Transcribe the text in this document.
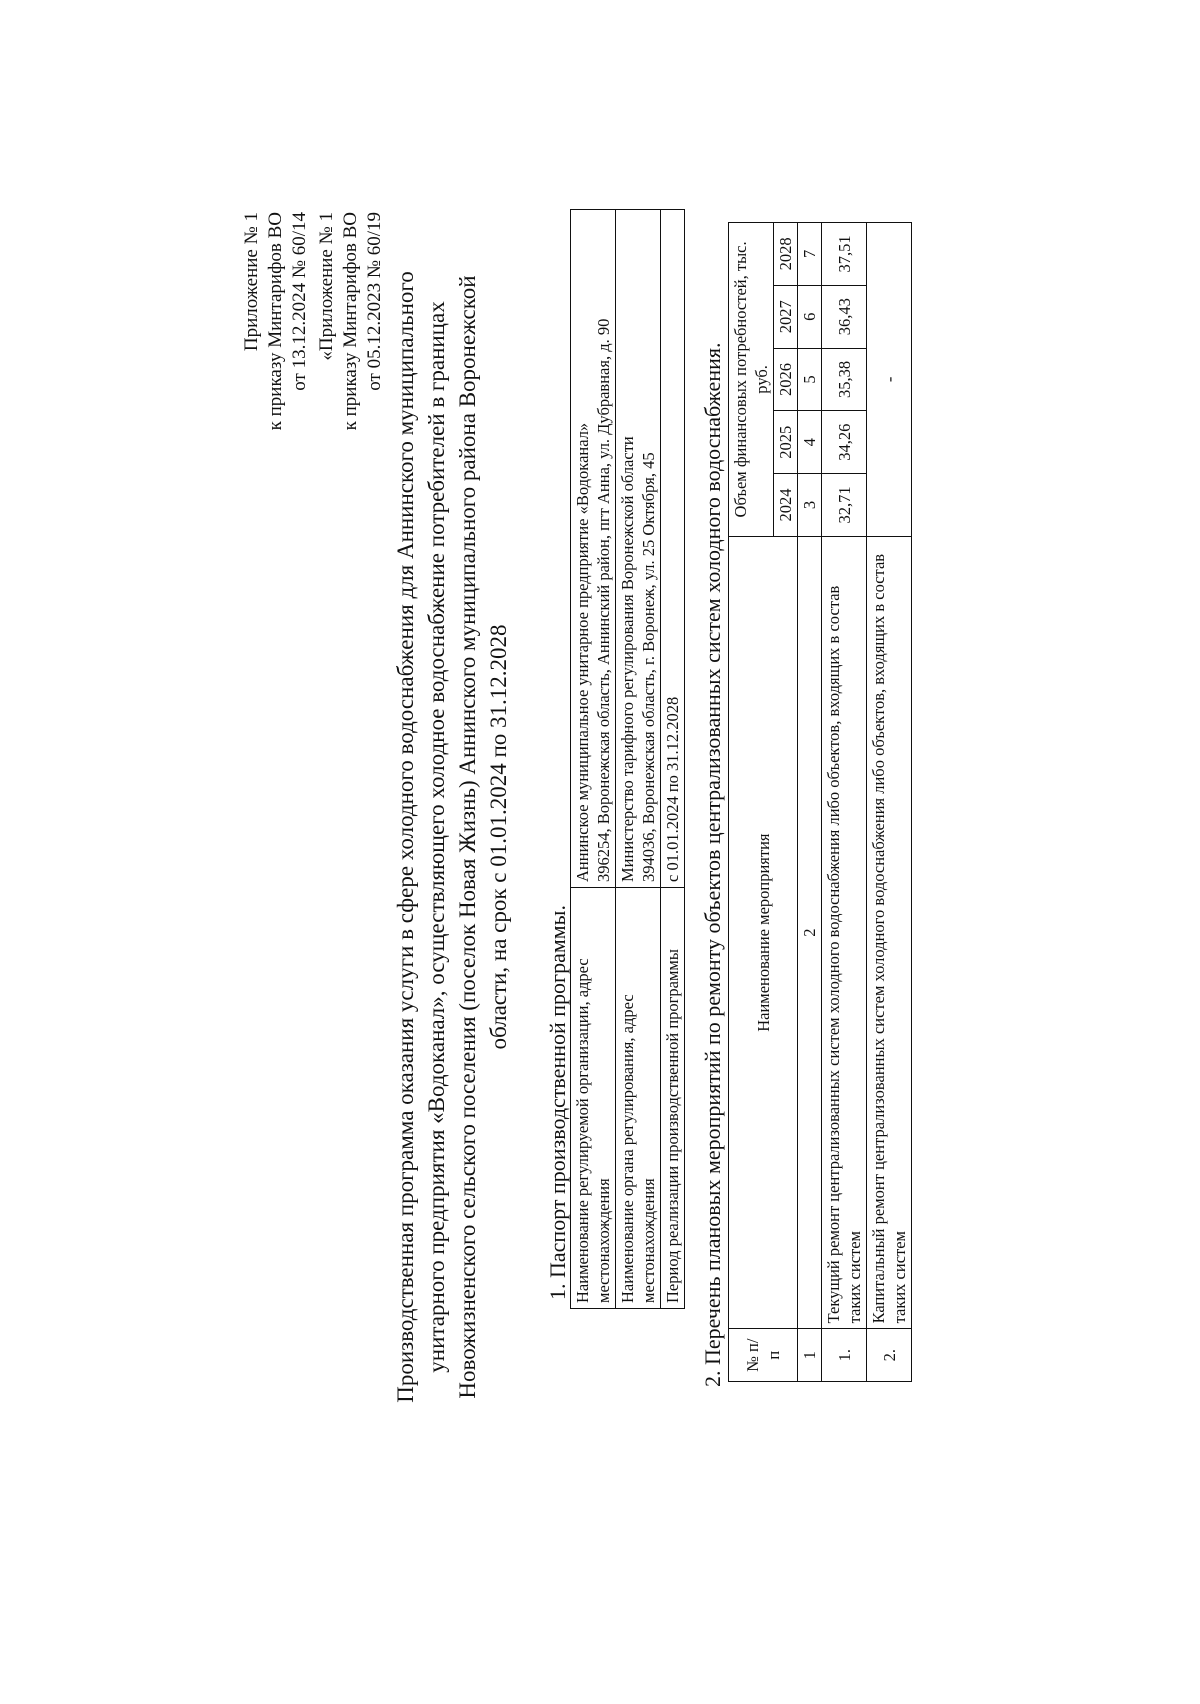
Приложение № 1 к приказу Минтарифов ВО от 13.12.2024 № 60/14 «Приложение № 1 к приказу Минтарифов ВО от 05.12.2023 № 60/19 Производственная программа оказания услуги в сфере холодного водоснабжения для Аннинского муниципального унитарного предприятия «Водоканал», осуществляющего холодное водоснабжение потребителей в границах Новожизненского сельского поселения (поселок Новая Жизнь) Аннинского муниципального района Воронежской области, на срок с 01.01.2024 по 31.12.2028
1. Паспорт производственной программы. Наименование регулируемой организации, адрес местонахождения	Аннинское муниципальное унитарное предприятие «Водоканал» 396254, Воронежская область, Аннинский район, пгт Анна, ул. Дубравная, д. 90

Наименование органа регулирования, адрес местонахождения	Министерство тарифного регулирования Воронежской области 394036, Воронежская область, г. Воронеж, ул. 25 Октября, 45

Период реализации производственной программы	с 01.01.2024 по 31.12.2028 2. Перечень плановых мероприятий по ремонту объектов централизованных систем холодного водоснабжения. № п/п	Наименование мероприятия	Объем финансовых потребностей, тыс. руб.				
		2024	2025	2026	2027	2028
1	2	3	4	5	6	7
1.	Текущий ремонт централизованных систем холодного водоснабжения либо объектов, входящих в состав таких систем	32,71	34,26	35,38	36,43	37,51
2.	Капитальный ремонт централизованных систем холодного водоснабжения либо объектов, входящих в состав таких систем	-				
